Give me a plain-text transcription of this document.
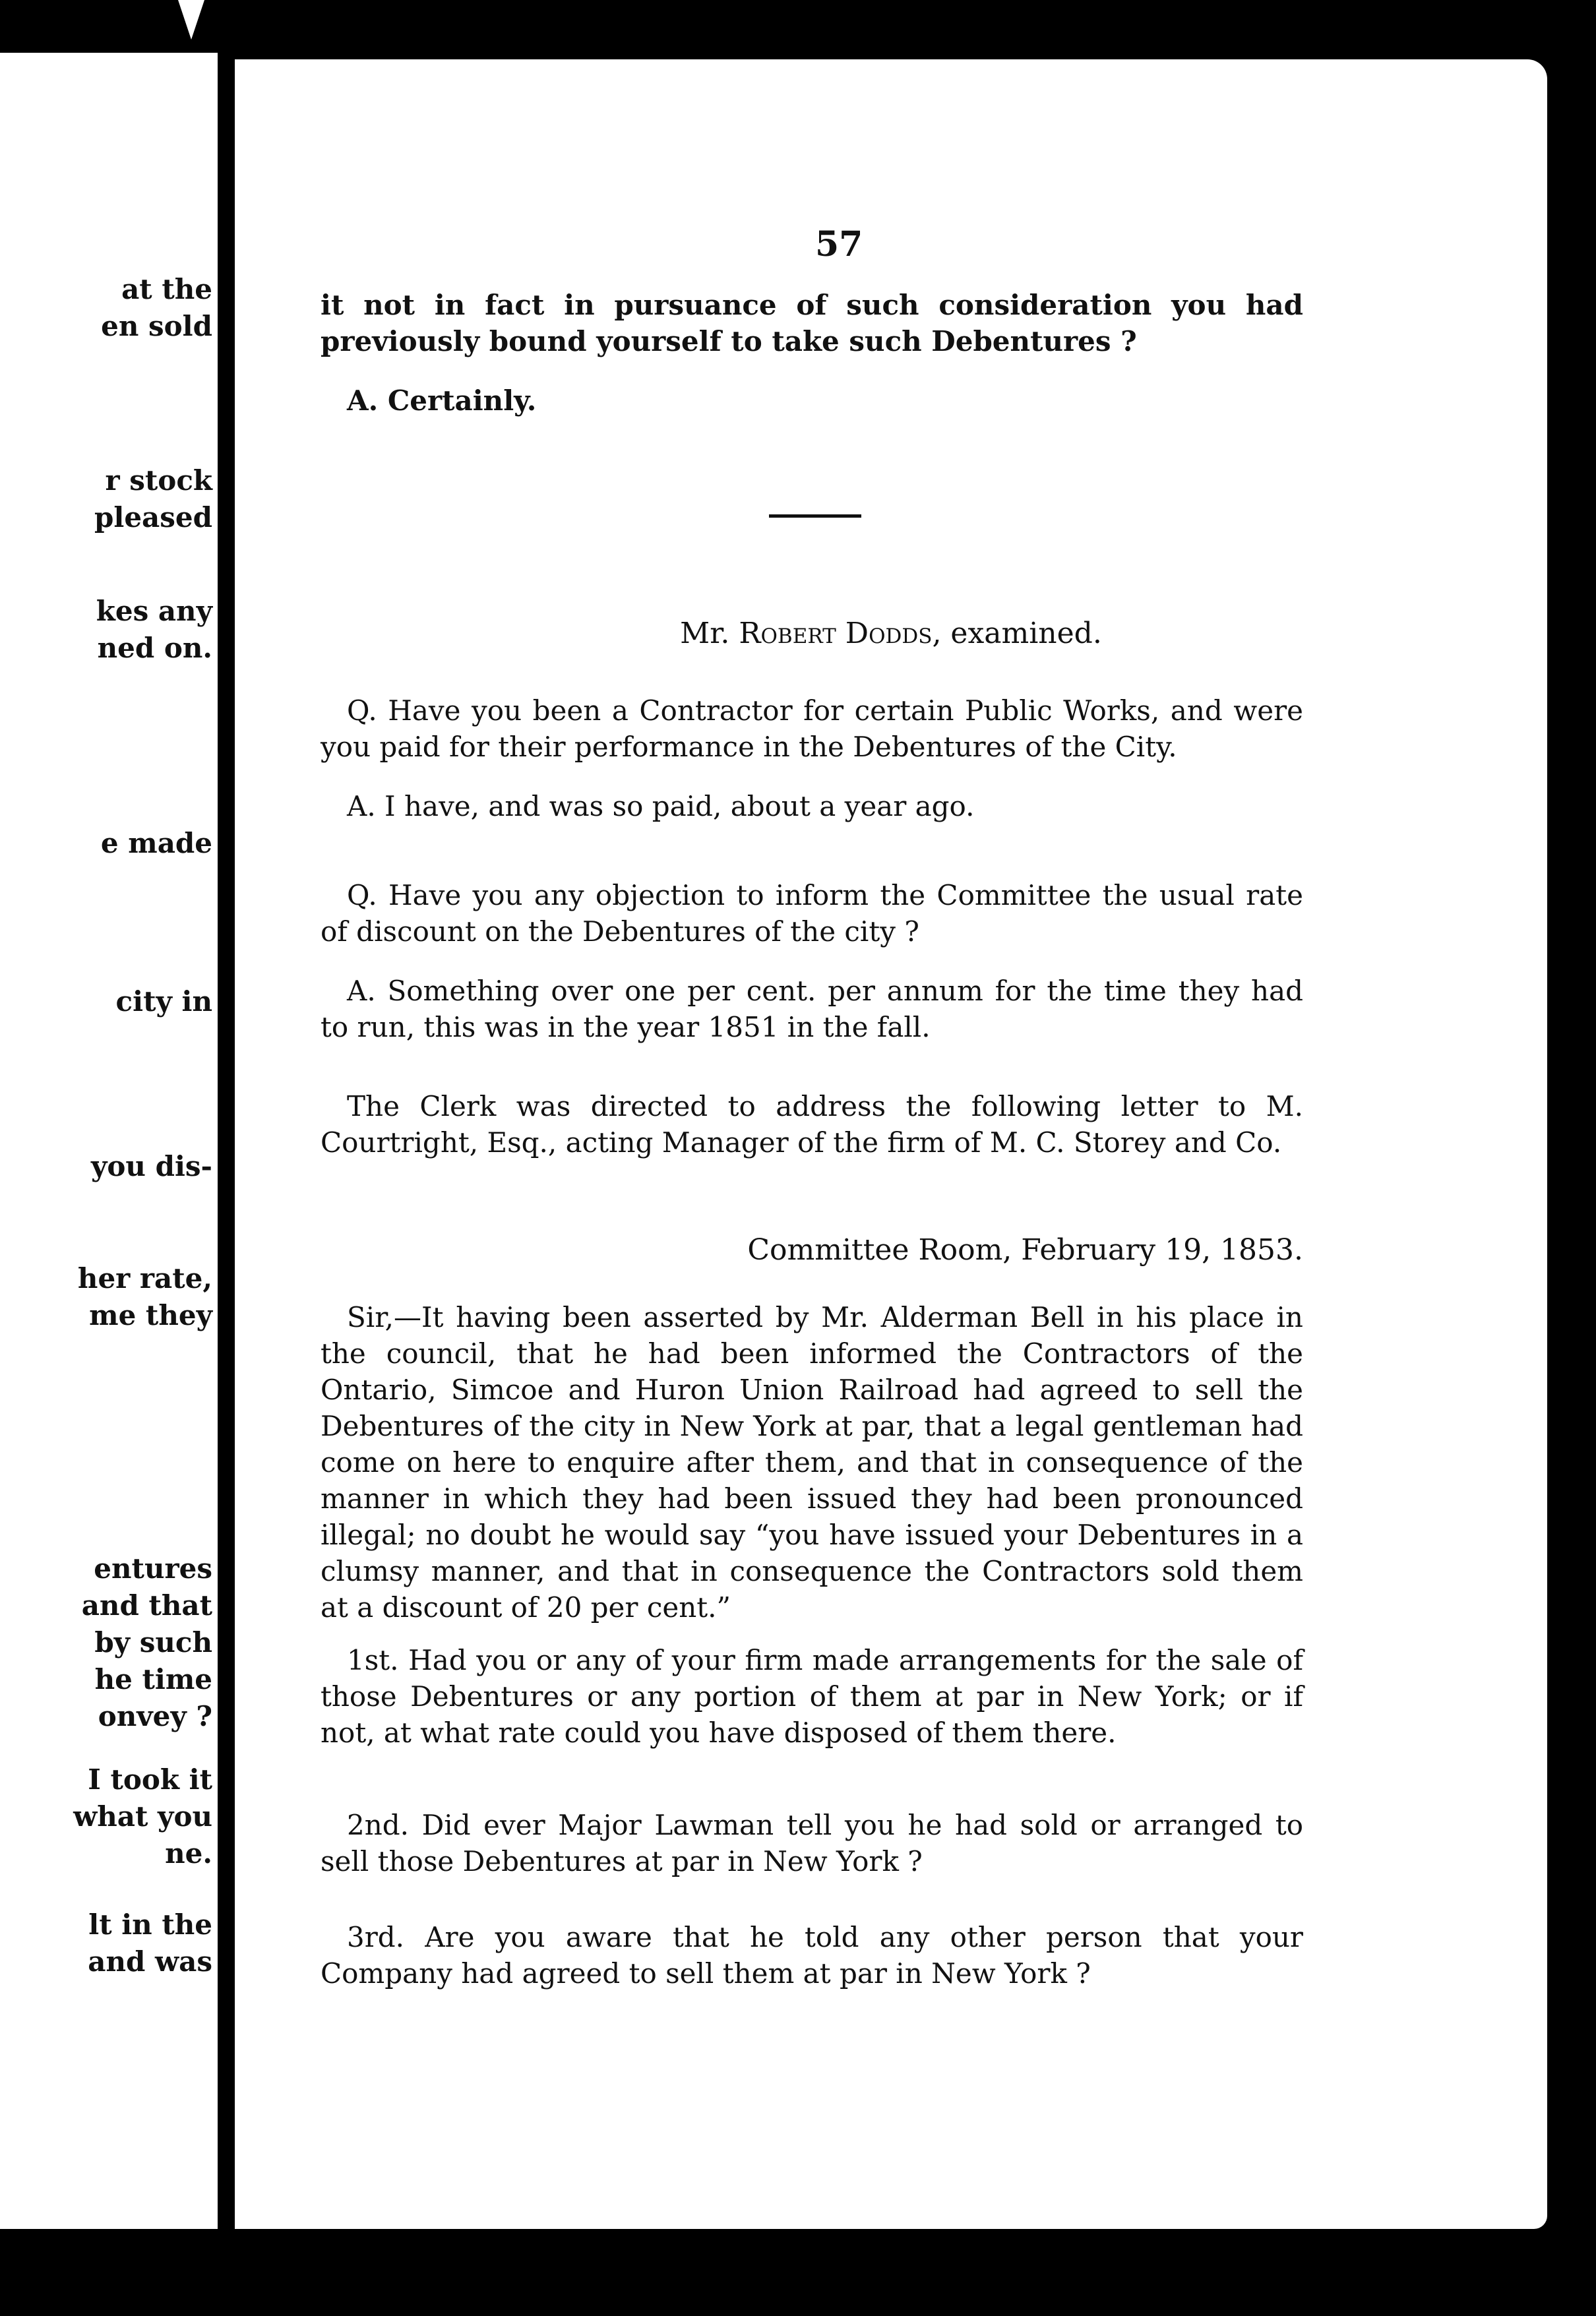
at the
en sold
r stock
pleased
kes any
ned on.
e made
city in
you dis-
her rate,
me they
entures
and that
by such
he time
onvey ?
I took it
what you
ne.
lt in the
and was
57
it not in fact in pursuance of such consideration you had previously bound yourself to take such Debentures ?
A. Certainly.
Mr. Robert Dodds, examined.
Q. Have you been a Contractor for certain Public Works, and were you paid for their performance in the Debentures of the City.
A. I have, and was so paid, about a year ago.
Q. Have you any objection to inform the Committee the usual rate of discount on the Debentures of the city ?
A. Something over one per cent. per annum for the time they had to run, this was in the year 1851 in the fall.
The Clerk was directed to address the following letter to M. Courtright, Esq., acting Manager of the firm of M. C. Storey and Co.
Committee Room, February 19, 1853.
Sir,—It having been asserted by Mr. Alderman Bell in his place in the council, that he had been informed the Contractors of the Ontario, Simcoe and Huron Union Railroad had agreed to sell the Debentures of the city in New York at par, that a legal gentleman had come on here to enquire after them, and that in consequence of the manner in which they had been issued they had been pronounced illegal; no doubt he would say “you have issued your Debentures in a clumsy manner, and that in consequence the Contractors sold them at a discount of 20 per cent.”
1st. Had you or any of your firm made arrangements for the sale of those Debentures or any portion of them at par in New York; or if not, at what rate could you have disposed of them there.
2nd. Did ever Major Lawman tell you he had sold or arranged to sell those Debentures at par in New York ?
3rd. Are you aware that he told any other person that your Company had agreed to sell them at par in New York ?
